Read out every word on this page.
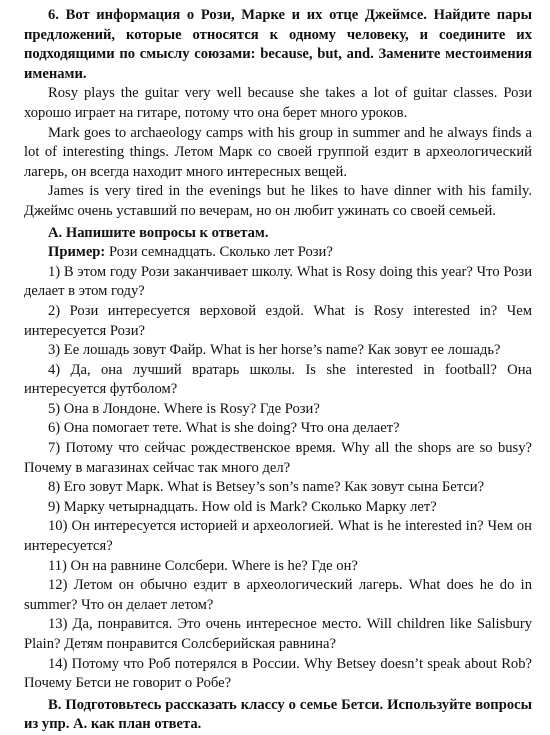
6. Вот информация о Рози, Марке и их отце Джеймсе. Найдите пары предложений, которые относятся к одному человеку, и соедините их подходящими по смыслу союзами: because, but, and. Замените местоимения именами.

Rosy plays the guitar very well because she takes a lot of guitar classes. Рози хорошо играет на гитаре, потому что она берет много уроков.

Mark goes to archaeology camps with his group in summer and he always finds a lot of interesting things. Летом Марк со своей группой ездит в археологический лагерь, он всегда находит много интересных вещей.

James is very tired in the evenings but he likes to have dinner with his family. Джеймс очень уставший по вечерам, но он любит ужинать со своей семьей.

А. Напишите вопросы к ответам.

Пример: Рози семнадцать. Сколько лет Рози?

1) В этом году Рози заканчивает школу. What is Rosy doing this year? Что Рози делает в этом году?

2) Рози интересуется верховой ездой. What is Rosy interested in? Чем интересуется Рози?

3) Ее лошадь зовут Файр. What is her horse’s name? Как зовут ее лошадь?

4) Да, она лучший вратарь школы. Is she interested in football? Она интересуется футболом?

5) Она в Лондоне. Where is Rosy? Где Рози?

6) Она помогает тете. What is she doing? Что она делает?

7) Потому что сейчас рождественское время. Why all the shops are so busy? Почему в магазинах сейчас так много дел?

8) Его зовут Марк. What is Betsey’s son’s name? Как зовут сына Бетси?

9) Марку четырнадцать. How old is Mark? Сколько Марку лет?

10) Он интересуется историей и археологией. What is he interested in? Чем он интересуется?

11) Он на равнине Солсбери. Where is he? Где он?

12) Летом он обычно ездит в археологический лагерь. What does he do in summer? Что он делает летом?

13) Да, понравится. Это очень интересное место. Will children like Salisbury Plain? Детям понравится Солсберийская равнина?

14) Потому что Роб потерялся в России. Why Betsey doesn’t speak about Rob? Почему Бетси не говорит о Робе?

В. Подготовьтесь рассказать классу о семье Бетси. Используйте вопросы из упр. А. как план ответа.
